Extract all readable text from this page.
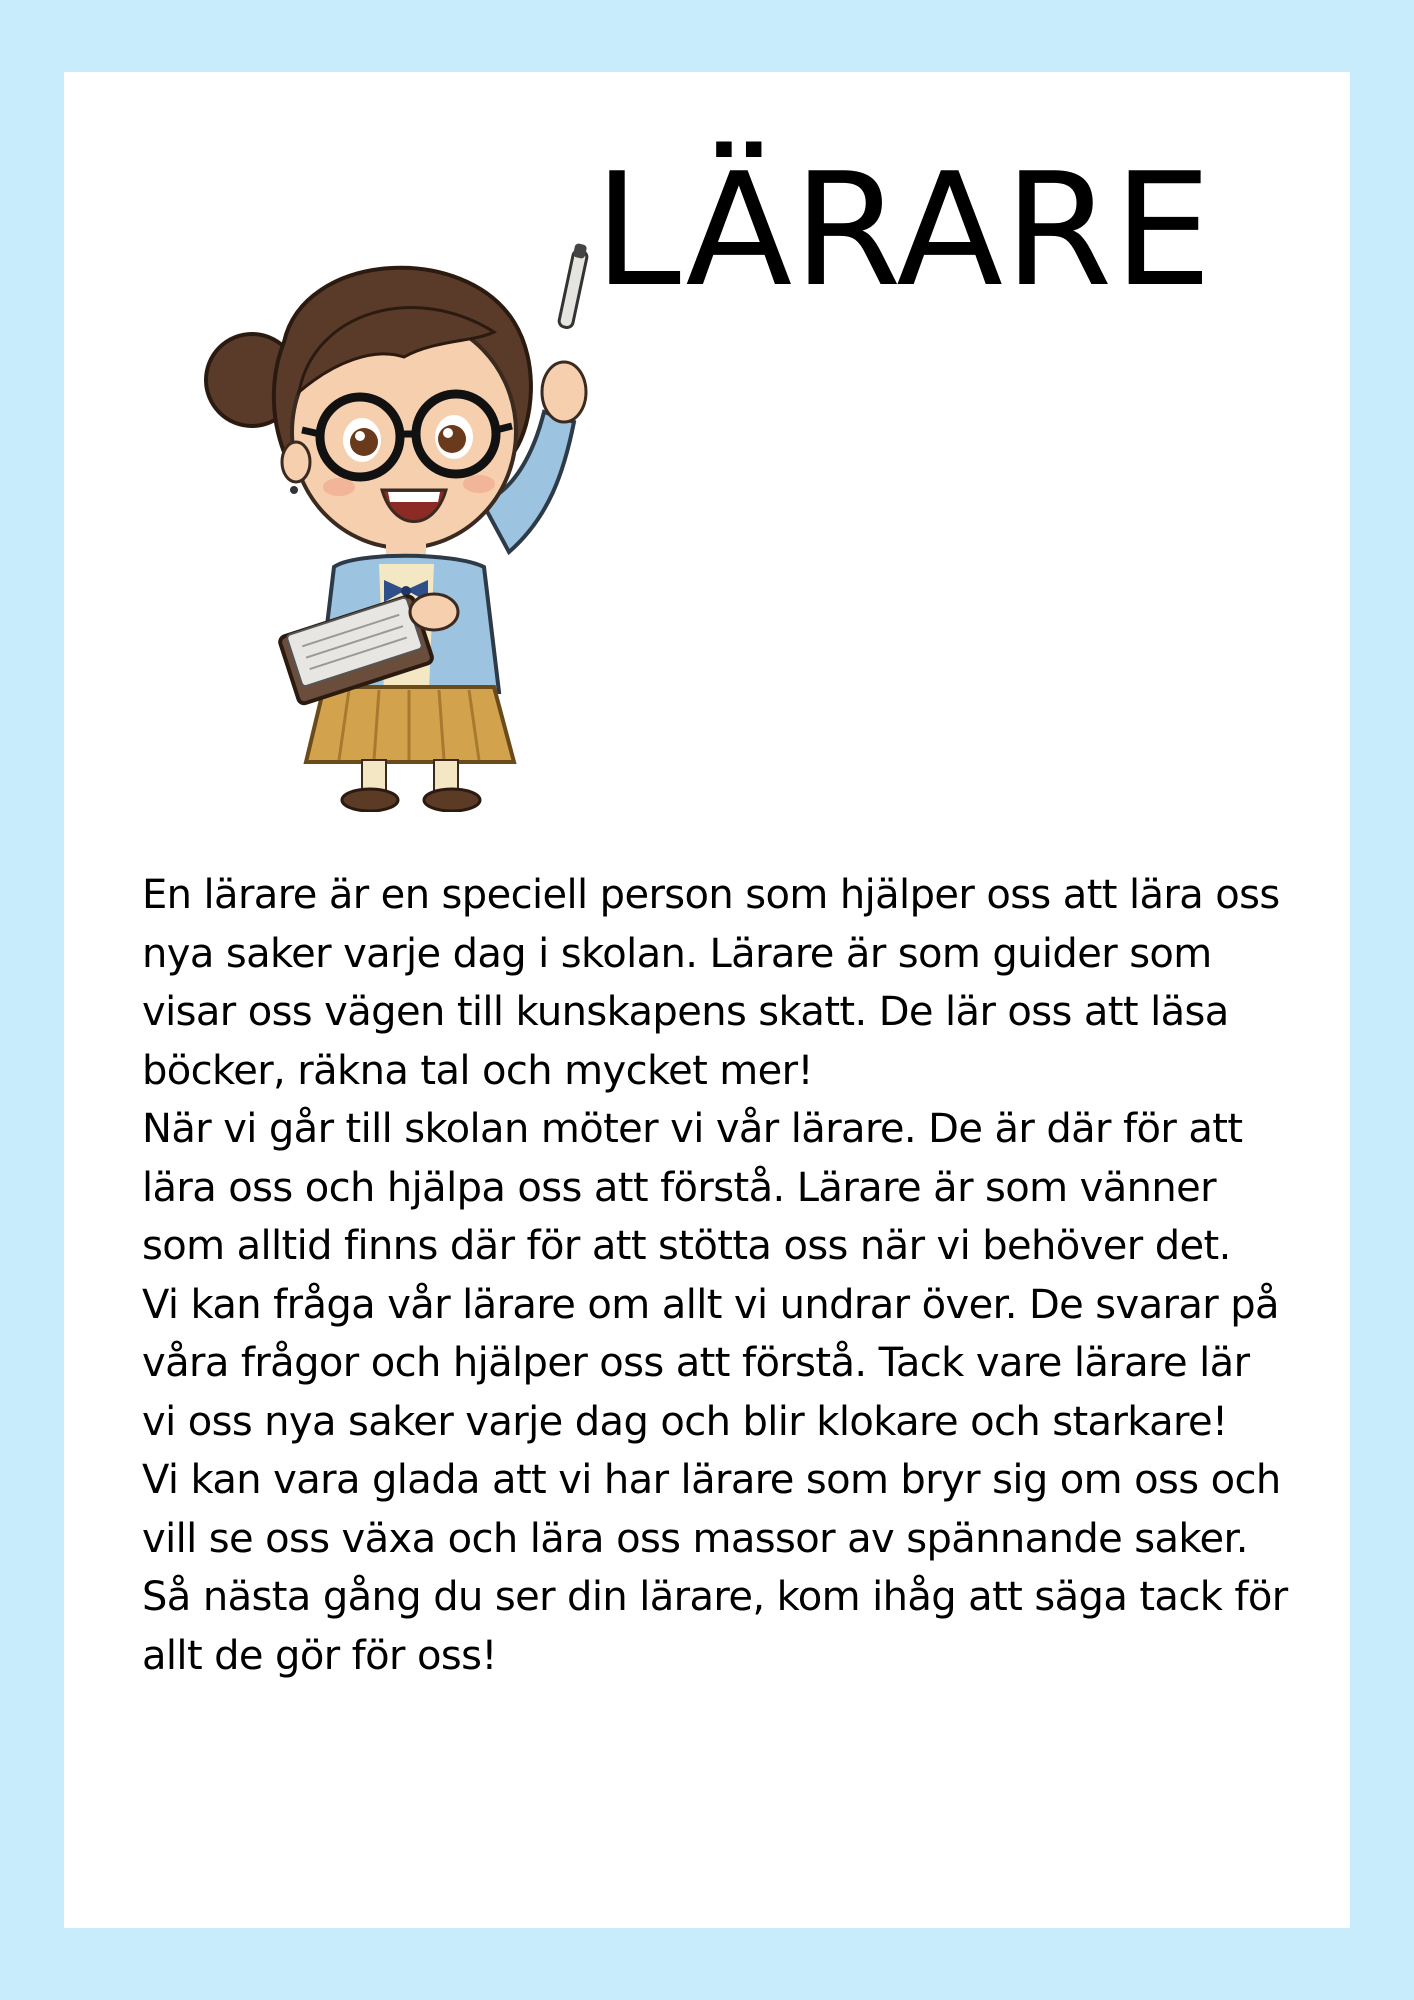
LÄRARE

En lärare är en speciell person som hjälper oss att lära oss nya saker varje dag i skolan. Lärare är som guider som visar oss vägen till kunskapens skatt. De lär oss att läsa böcker, räkna tal och mycket mer!

När vi går till skolan möter vi vår lärare. De är där för att lära oss och hjälpa oss att förstå. Lärare är som vänner som alltid finns där för att stötta oss när vi behöver det.

Vi kan fråga vår lärare om allt vi undrar över. De svarar på våra frågor och hjälper oss att förstå. Tack vare lärare lär vi oss nya saker varje dag och blir klokare och starkare!

Vi kan vara glada att vi har lärare som bryr sig om oss och vill se oss växa och lära oss massor av spännande saker. Så nästa gång du ser din lärare, kom ihåg att säga tack för allt de gör för oss!
